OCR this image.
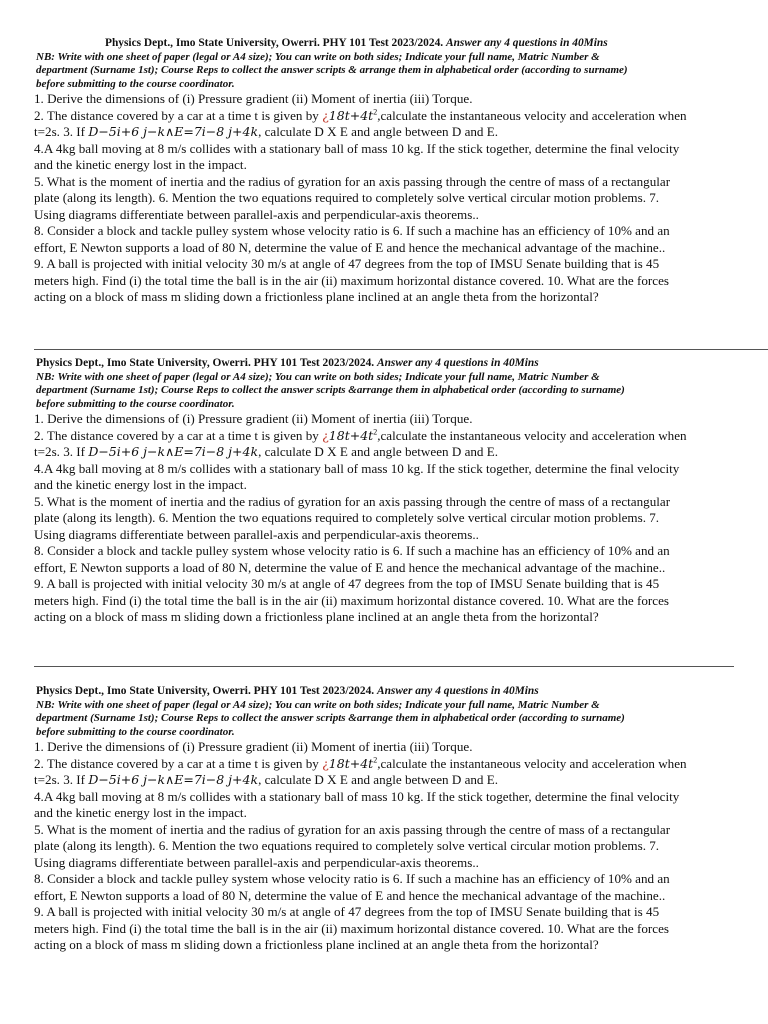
Physics Dept., Imo State University, Owerri. PHY 101 Test 2023/2024. Answer any 4 questions in 40Mins

NB: Write with one sheet of paper (legal or A4 size); You can write on both sides; Indicate your full name, Matric Number &
department (Surname 1st); Course Reps to collect the answer scripts & arrange them in alphabetical order (according to surname)
before submitting to the course coordinator.

1. Derive the dimensions of (i) Pressure gradient (ii) Moment of inertia (iii) Torque.

2. The distance covered by a car at a time t is given by ¿$18t+4t^2,calculate$ the instantaneous velocity and acceleration when

t=2s. 3. If D−5i+6 j−k∧E=7i−8 j+4k, calculate D X E and angle between D and E.

4.A 4kg ball moving at 8 m/s collides with a stationary ball of mass 10 kg. If the stick together, determine the final velocity

and the kinetic energy lost in the impact.

5. What is the moment of inertia and the radius of gyration for an axis passing through the centre of mass of a rectangular

plate (along its length). 6. Mention the two equations required to completely solve vertical circular motion problems. 7.

Using diagrams differentiate between parallel-axis and perpendicular-axis theorems..

8. Consider a block and tackle pulley system whose velocity ratio is 6. If such a machine has an efficiency of 10% and an

effort, E Newton supports a load of 80 N, determine the value of E and hence the mechanical advantage of the machine..

9. A ball is projected with initial velocity 30 m/s at angle of 47 degrees from the top of IMSU Senate building that is 45

meters high. Find (i) the total time the ball is in the air (ii) maximum horizontal distance covered. 10. What are the forces

acting on a block of mass m sliding down a frictionless plane inclined at an angle theta from the horizontal?

Physics Dept., Imo State University, Owerri. PHY 101 Test 2023/2024. Answer any 4 questions in 40Mins

NB: Write with one sheet of paper (legal or A4 size); You can write on both sides; Indicate your full name, Matric Number &
department (Surname 1st); Course Reps to collect the answer scripts &arrange them in alphabetical order (according to surname)
before submitting to the course coordinator.

1. Derive the dimensions of (i) Pressure gradient (ii) Moment of inertia (iii) Torque.

2. The distance covered by a car at a time t is given by ¿$18t+4t^2,calculate$ the instantaneous velocity and acceleration when

t=2s. 3. If D−5i+6 j−k∧E=7i−8 j+4k, calculate D X E and angle between D and E.

4.A 4kg ball moving at 8 m/s collides with a stationary ball of mass 10 kg. If the stick together, determine the final velocity

and the kinetic energy lost in the impact.

5. What is the moment of inertia and the radius of gyration for an axis passing through the centre of mass of a rectangular

plate (along its length). 6. Mention the two equations required to completely solve vertical circular motion problems. 7.

Using diagrams differentiate between parallel-axis and perpendicular-axis theorems..

8. Consider a block and tackle pulley system whose velocity ratio is 6. If such a machine has an efficiency of 10% and an

effort, E Newton supports a load of 80 N, determine the value of E and hence the mechanical advantage of the machine..

9. A ball is projected with initial velocity 30 m/s at angle of 47 degrees from the top of IMSU Senate building that is 45

meters high. Find (i) the total time the ball is in the air (ii) maximum horizontal distance covered. 10. What are the forces

acting on a block of mass m sliding down a frictionless plane inclined at an angle theta from the horizontal?

Physics Dept., Imo State University, Owerri. PHY 101 Test 2023/2024. Answer any 4 questions in 40Mins

NB: Write with one sheet of paper (legal or A4 size); You can write on both sides; Indicate your full name, Matric Number &
department (Surname 1st); Course Reps to collect the answer scripts &arrange them in alphabetical order (according to surname)
before submitting to the course coordinator.

1. Derive the dimensions of (i) Pressure gradient (ii) Moment of inertia (iii) Torque.

2. The distance covered by a car at a time t is given by ¿$18t+4t^2,calculate$ the instantaneous velocity and acceleration when

t=2s. 3. If D−5i+6 j−k∧E=7i−8 j+4k, calculate D X E and angle between D and E.

4.A 4kg ball moving at 8 m/s collides with a stationary ball of mass 10 kg. If the stick together, determine the final velocity

and the kinetic energy lost in the impact.

5. What is the moment of inertia and the radius of gyration for an axis passing through the centre of mass of a rectangular

plate (along its length). 6. Mention the two equations required to completely solve vertical circular motion problems. 7.

Using diagrams differentiate between parallel-axis and perpendicular-axis theorems..

8. Consider a block and tackle pulley system whose velocity ratio is 6. If such a machine has an efficiency of 10% and an

effort, E Newton supports a load of 80 N, determine the value of E and hence the mechanical advantage of the machine..

9. A ball is projected with initial velocity 30 m/s at angle of 47 degrees from the top of IMSU Senate building that is 45

meters high. Find (i) the total time the ball is in the air (ii) maximum horizontal distance covered. 10. What are the forces

acting on a block of mass m sliding down a frictionless plane inclined at an angle theta from the horizontal?
